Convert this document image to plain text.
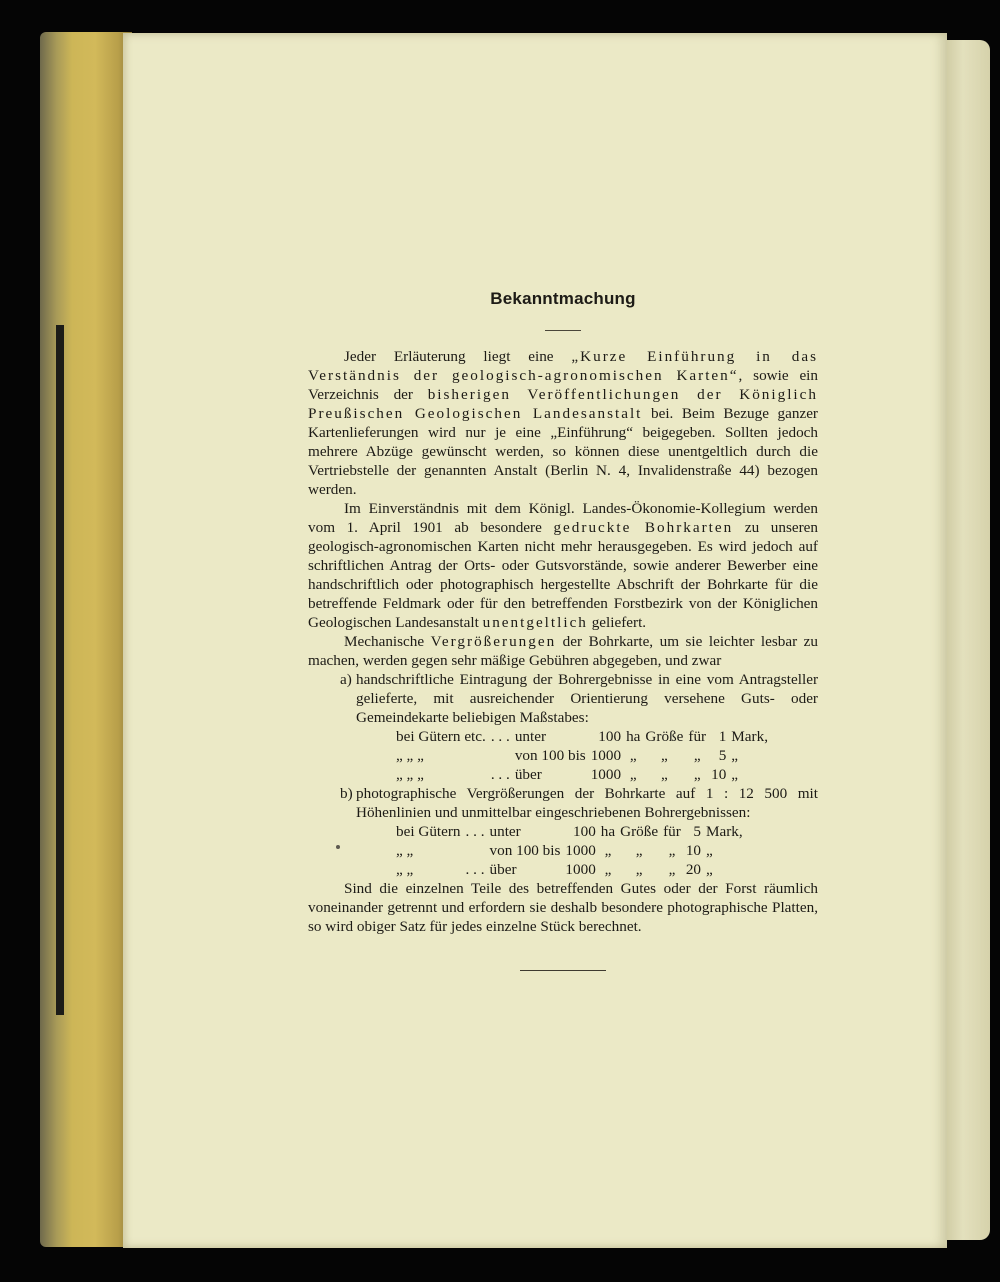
Bekanntmachung

Jeder Erläuterung liegt eine „Kurze Einführung in das Verständnis der geologisch-agronomischen Karten“, sowie ein Verzeichnis der bisherigen Veröffentlichungen der Königlich Preußischen Geologischen Landesanstalt bei. Beim Bezuge ganzer Kartenlieferungen wird nur je eine „Einführung“ beigegeben. Sollten jedoch mehrere Abzüge gewünscht werden, so können diese unentgeltlich durch die Vertriebstelle der genannten Anstalt (Berlin N. 4, Invalidenstraße 44) bezogen werden.

Im Einverständnis mit dem Königl. Landes-Ökonomie-Kollegium werden vom 1. April 1901 ab besondere gedruckte Bohrkarten zu unseren geologisch-agronomischen Karten nicht mehr herausgegeben. Es wird jedoch auf schriftlichen Antrag der Orts- oder Gutsvorstände, sowie anderer Bewerber eine handschriftlich oder photographisch hergestellte Abschrift der Bohrkarte für die betreffende Feldmark oder für den betreffenden Forstbezirk von der Königlichen Geologischen Landesanstalt unentgeltlich geliefert.

Mechanische Vergrößerungen der Bohrkarte, um sie leichter lesbar zu machen, werden gegen sehr mäßige Gebühren abgegeben, und zwar

a) handschriftliche Eintragung der Bohrergebnisse in eine vom Antragsteller gelieferte, mit ausreichender Orientierung versehene Guts- oder Gemeindekarte beliebigen Maßstabes:

bei Gütern etc.	. . .	unter	100	ha	Größe	für	1	Mark,
„ „ „		von 100 bis	1000	„	„	„	5	„
„ „ „	. . .	über	1000	„	„	„	10	„

b) photographische Vergrößerungen der Bohrkarte auf 1 : 12 500 mit Höhenlinien und unmittelbar eingeschriebenen Bohrergebnissen:

bei Gütern	. . .	unter	100	ha	Größe	für	5	Mark,
„ „		von 100 bis	1000	„	„	„	10	„
„ „	. . .	über	1000	„	„	„	20	„

Sind die einzelnen Teile des betreffenden Gutes oder der Forst räumlich voneinander getrennt und erfordern sie deshalb besondere photographische Platten, so wird obiger Satz für jedes einzelne Stück berechnet.
